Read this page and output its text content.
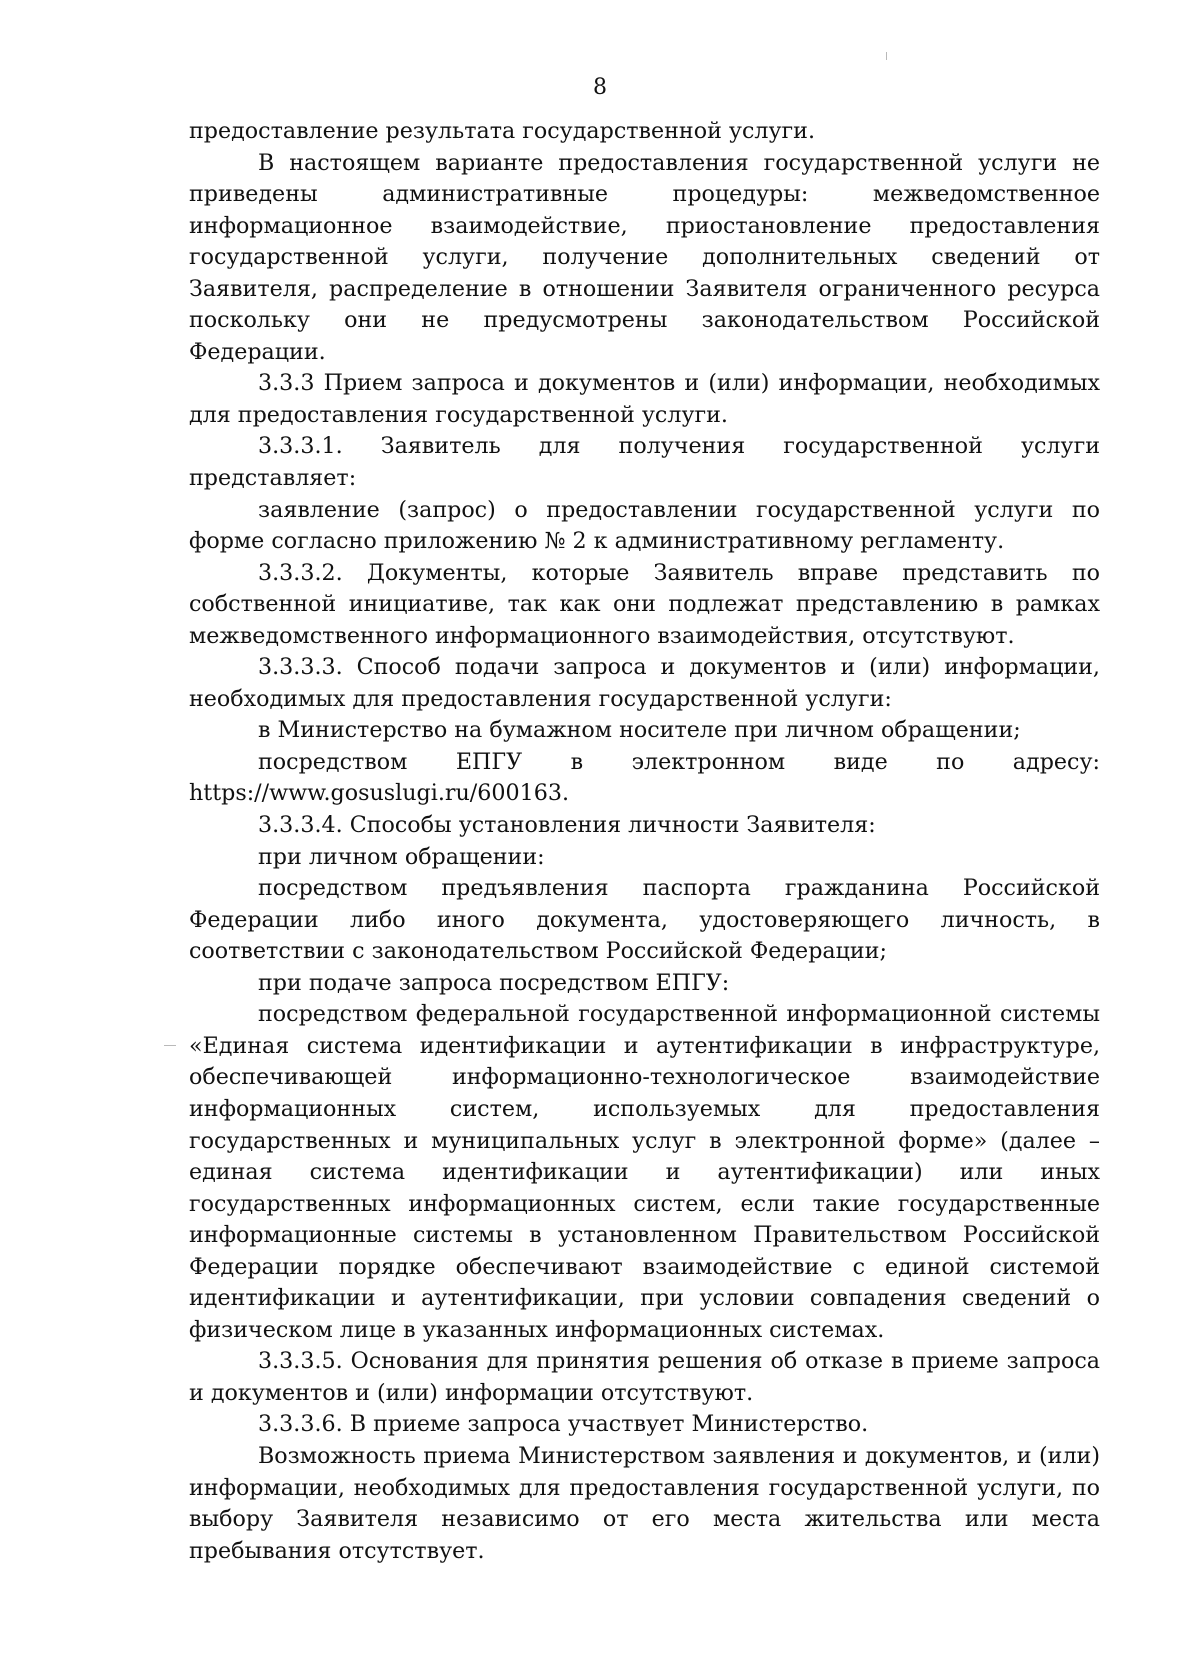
8

предоставление результата государственной услуги.

В настоящем варианте предоставления государственной услуги не приведены административные процедуры: межведомственное информационное взаимодействие, приостановление предоставления государственной услуги, получение дополнительных сведений от Заявителя, распределение в отношении Заявителя ограниченного ресурса поскольку они не предусмотрены законодательством Российской Федерации.

3.3.3 Прием запроса и документов и (или) информации, необходимых для предоставления государственной услуги.

3.3.3.1. Заявитель для получения государственной услуги представляет:

заявление (запрос) о предоставлении государственной услуги по форме согласно приложению № 2 к административному регламенту.

3.3.3.2. Документы, которые Заявитель вправе представить по собственной инициативе, так как они подлежат представлению в рамках межведомственного информационного взаимодействия, отсутствуют.

3.3.3.3. Способ подачи запроса и документов и (или) информации, необходимых для предоставления государственной услуги:

в Министерство на бумажном носителе при личном обращении;

посредством ЕПГУ в электронном виде по адресу: https://www.gosuslugi.ru/600163.

3.3.3.4. Способы установления личности Заявителя:

при личном обращении:

посредством предъявления паспорта гражданина Российской Федерации либо иного документа, удостоверяющего личность, в соответствии с законодательством Российской Федерации;

при подаче запроса посредством ЕПГУ:

посредством федеральной государственной информационной системы «Единая система идентификации и аутентификации в инфраструктуре, обеспечивающей информационно-технологическое взаимодействие информационных систем, используемых для предоставления государственных и муниципальных услуг в электронной форме» (далее – единая система идентификации и аутентификации) или иных государственных информационных систем, если такие государственные информационные системы в установленном Правительством Российской Федерации порядке обеспечивают взаимодействие с единой системой идентификации и аутентификации, при условии совпадения сведений о физическом лице в указанных информационных системах.

3.3.3.5. Основания для принятия решения об отказе в приеме запроса и документов и (или) информации отсутствуют.

3.3.3.6. В приеме запроса участвует Министерство.

Возможность приема Министерством заявления и документов, и (или) информации, необходимых для предоставления государственной услуги, по выбору Заявителя независимо от его места жительства или места пребывания отсутствует.
